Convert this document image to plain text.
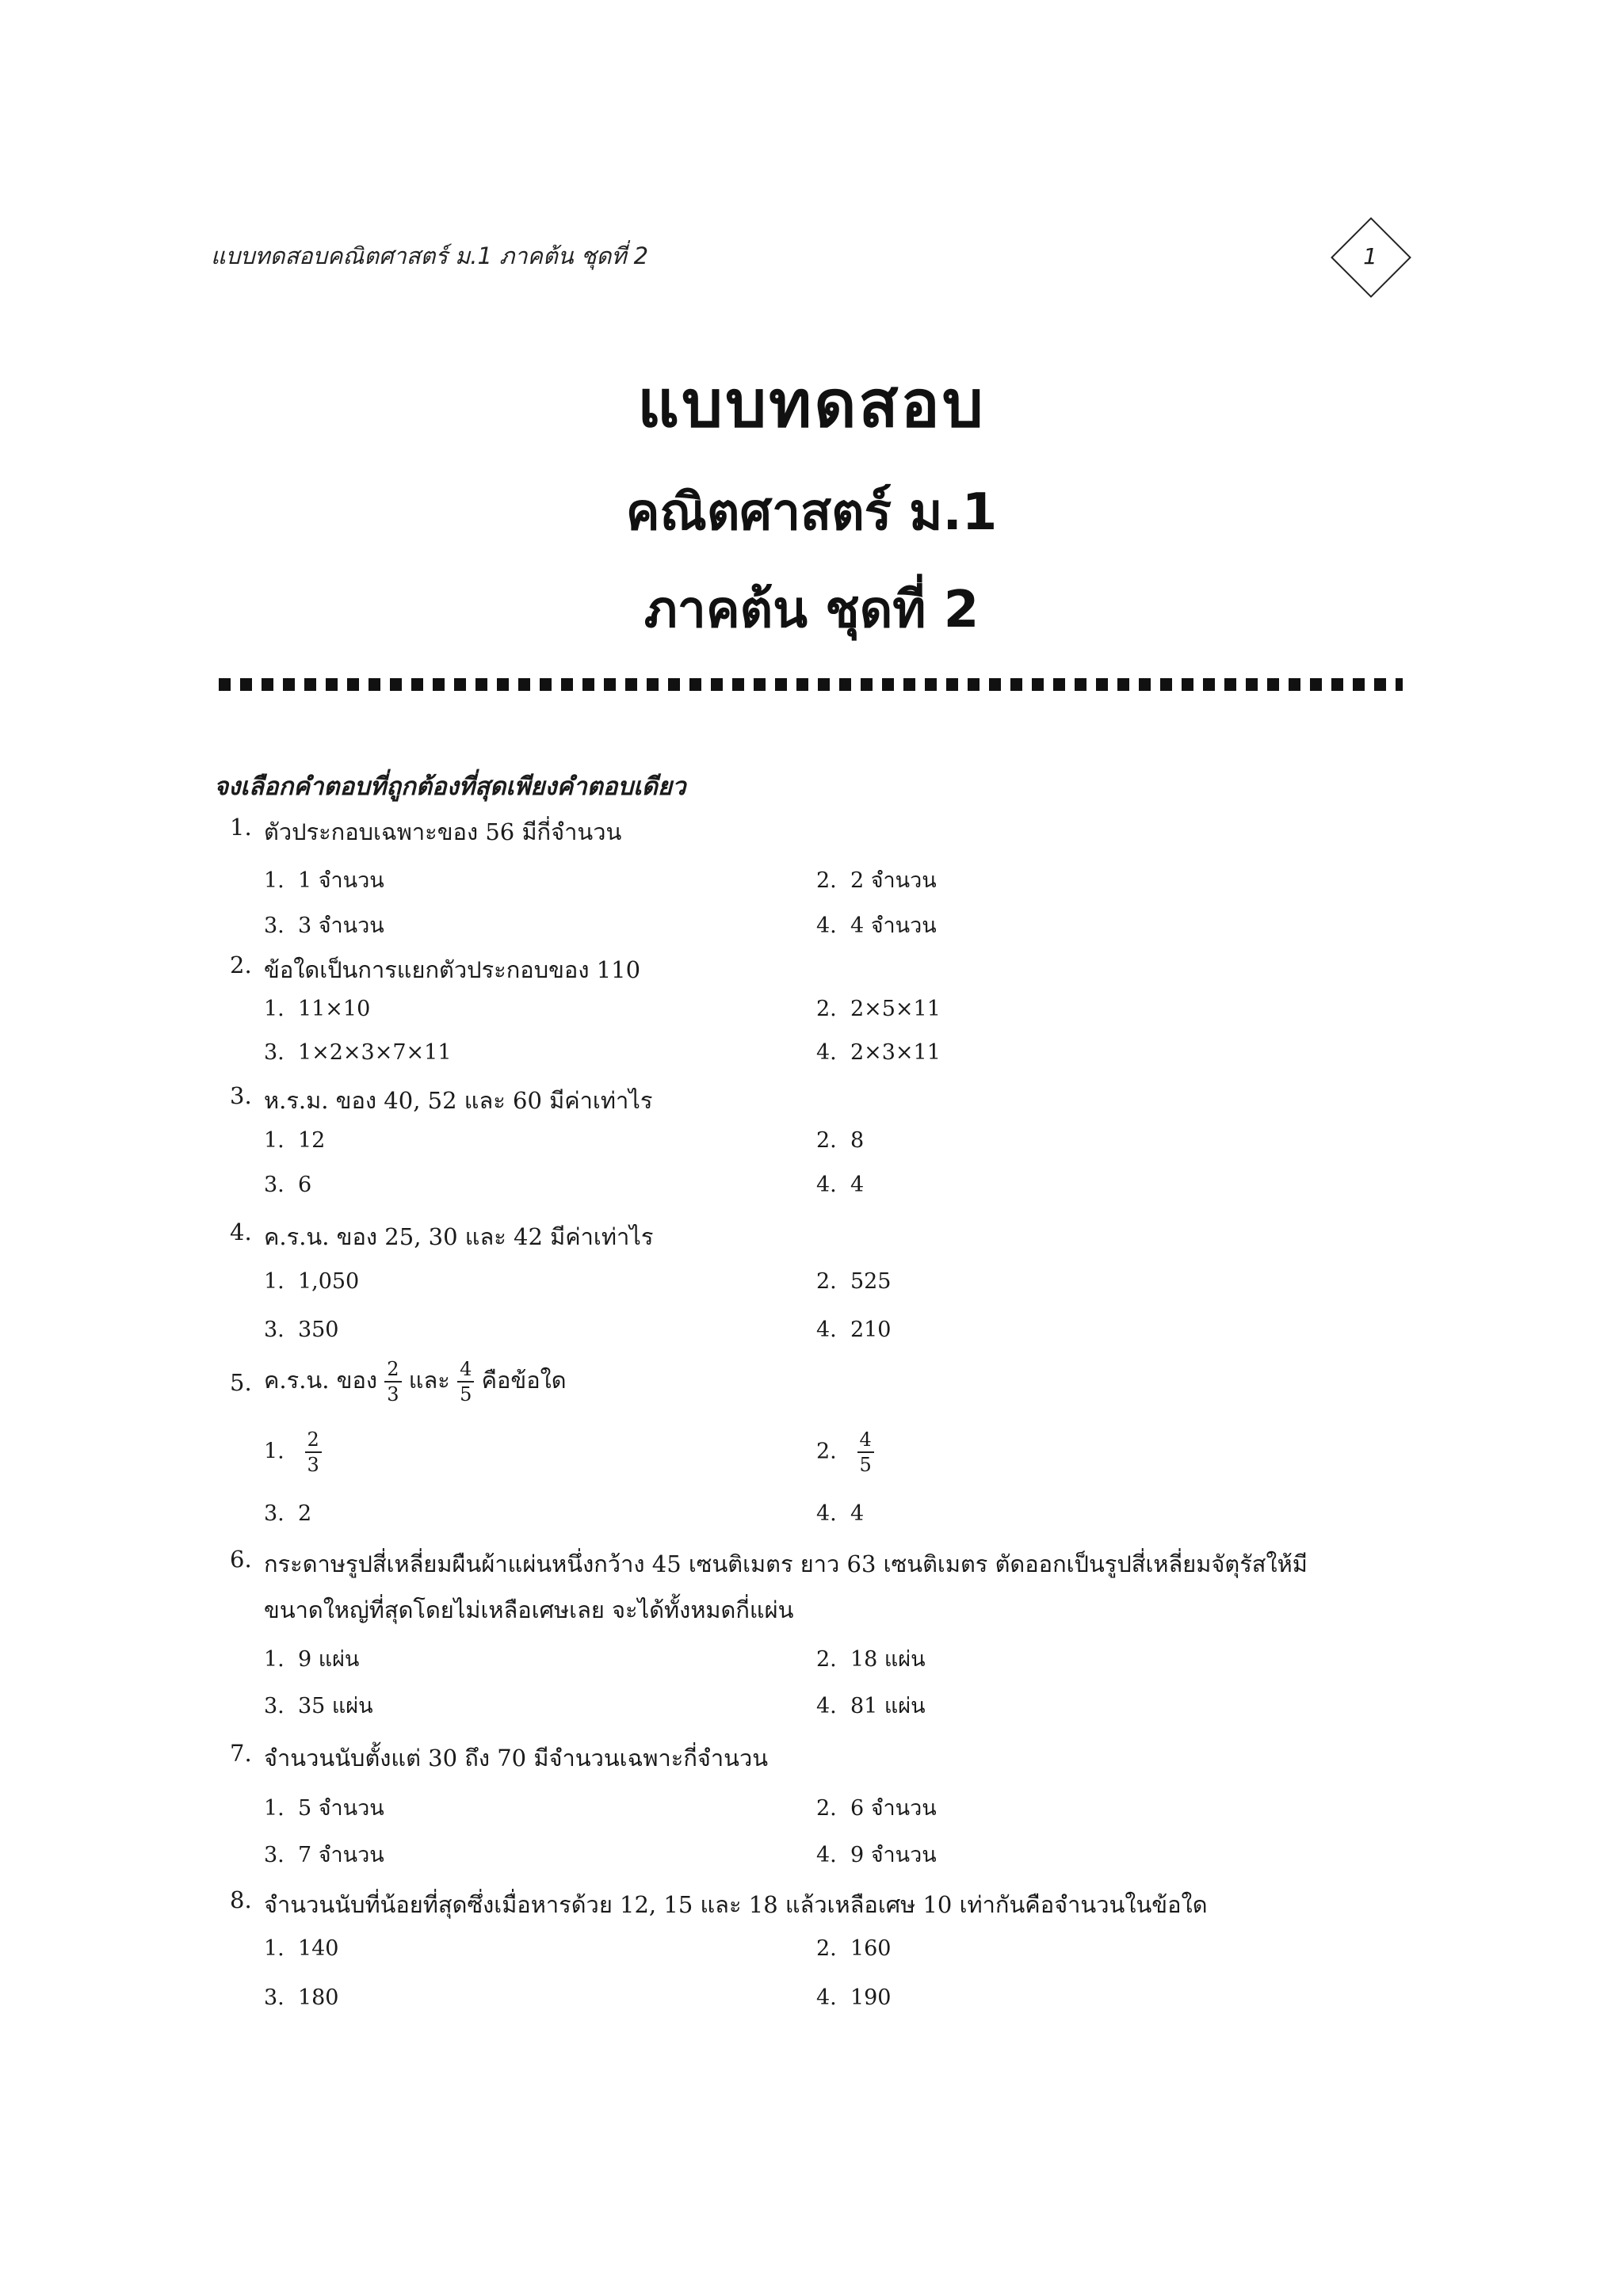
แบบทดสอบคณิตศาสตร์ ม.1 ภาคต้น ชุดที่ 2	1
แบบทดสอบ
คณิตศาสตร์ ม.1
ภาคต้น ชุดที่ 2
จงเลือกคำตอบที่ถูกต้องที่สุดเพียงคำตอบเดียว
1. ตัวประกอบเฉพาะของ 56 มีกี่จำนวน
1. 1 จำนวน	2. 2 จำนวน
3. 3 จำนวน	4. 4 จำนวน
2. ข้อใดเป็นการแยกตัวประกอบของ 110
1. 11×10	2. 2×5×11
3. 1×2×3×7×11	4. 2×3×11
3. ห.ร.ม. ของ 40, 52 และ 60 มีค่าเท่าไร
1. 12	2. 8
3. 6	4. 4
4. ค.ร.น. ของ 25, 30 และ 42 มีค่าเท่าไร
1. 1,050	2. 525
3. 350	4. 210
5. ค.ร.น. ของ $\frac{2}{3}$ และ $\frac{4}{5}$ คือข้อใด
1. $\frac{2}{3}$	2. $\frac{4}{5}$
3. 2	4. 4
6. กระดาษรูปสี่เหลี่ยมผืนผ้าแผ่นหนึ่งกว้าง 45 เซนติเมตร ยาว 63 เซนติเมตร ตัดออกเป็นรูปสี่เหลี่ยมจัตุรัสให้มี
ขนาดใหญ่ที่สุดโดยไม่เหลือเศษเลย จะได้ทั้งหมดกี่แผ่น
1. 9 แผ่น	2. 18 แผ่น
3. 35 แผ่น	4. 81 แผ่น
7. จำนวนนับตั้งแต่ 30 ถึง 70 มีจำนวนเฉพาะกี่จำนวน
1. 5 จำนวน	2. 6 จำนวน
3. 7 จำนวน	4. 9 จำนวน
8. จำนวนนับที่น้อยที่สุดซึ่งเมื่อหารด้วย 12, 15 และ 18 แล้วเหลือเศษ 10 เท่ากันคือจำนวนในข้อใด
1. 140	2. 160
3. 180	4. 190
